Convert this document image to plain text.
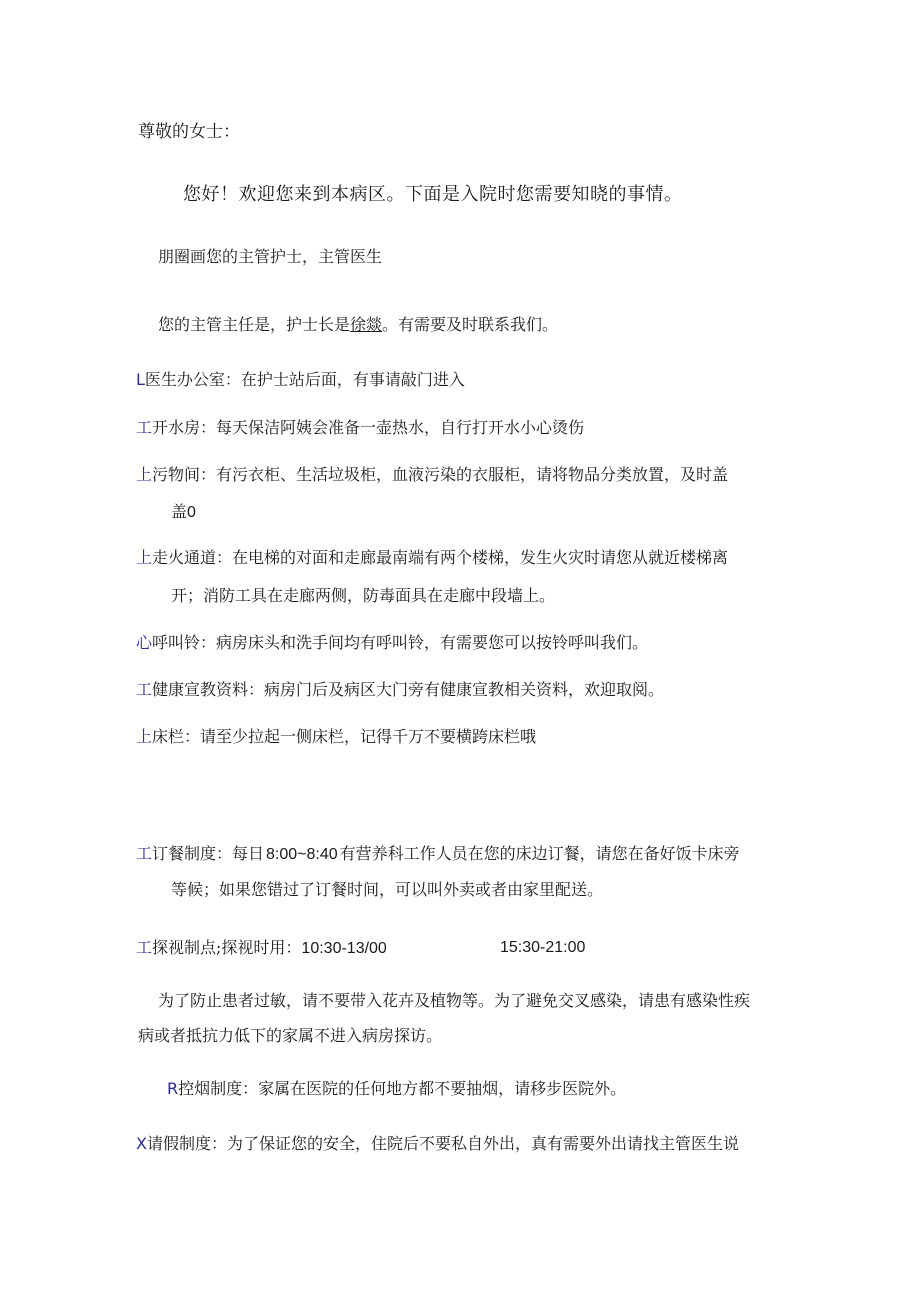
尊敬的女士：
您好！欢迎您来到本病区。下面是入院时您需要知晓的事情。
朋圈画您的主管护士，主管医生
您的主管主任是，护士长是徐燚。有需要及时联系我们。
L医生办公室：在护士站后面，有事请敲门进入
工开水房：每天保洁阿姨会准备一壶热水，自行打开水小心烫伤
上污物间：有污衣柜、生活垃圾柜，血液污染的衣服柜，请将物品分类放置，及时盖
盖0
上走火通道：在电梯的对面和走廊最南端有两个楼梯，发生火灾时请您从就近楼梯离
开；消防工具在走廊两侧，防毒面具在走廊中段墙上。
心呼叫铃：病房床头和洗手间均有呼叫铃，有需要您可以按铃呼叫我们。
工健康宣教资料：病房门后及病区大门旁有健康宣教相关资料，欢迎取阅。
上床栏：请至少拉起一侧床栏，记得千万不要横跨床栏哦
工订餐制度：每日 8:00~8:40 有营养科工作人员在您的床边订餐，请您在备好饭卡床旁
等候；如果您错过了订餐时间，可以叫外卖或者由家里配送。
工探视制点;探视时用：10:30-13/00	15:30-21:00
为了防止患者过敏，请不要带入花卉及植物等。为了避免交叉感染，请患有感染性疾
病或者抵抗力低下的家属不进入病房探访。
R控烟制度：家属在医院的任何地方都不要抽烟，请移步医院外。
X请假制度：为了保证您的安全，住院后不要私自外出，真有需要外出请找主管医生说
